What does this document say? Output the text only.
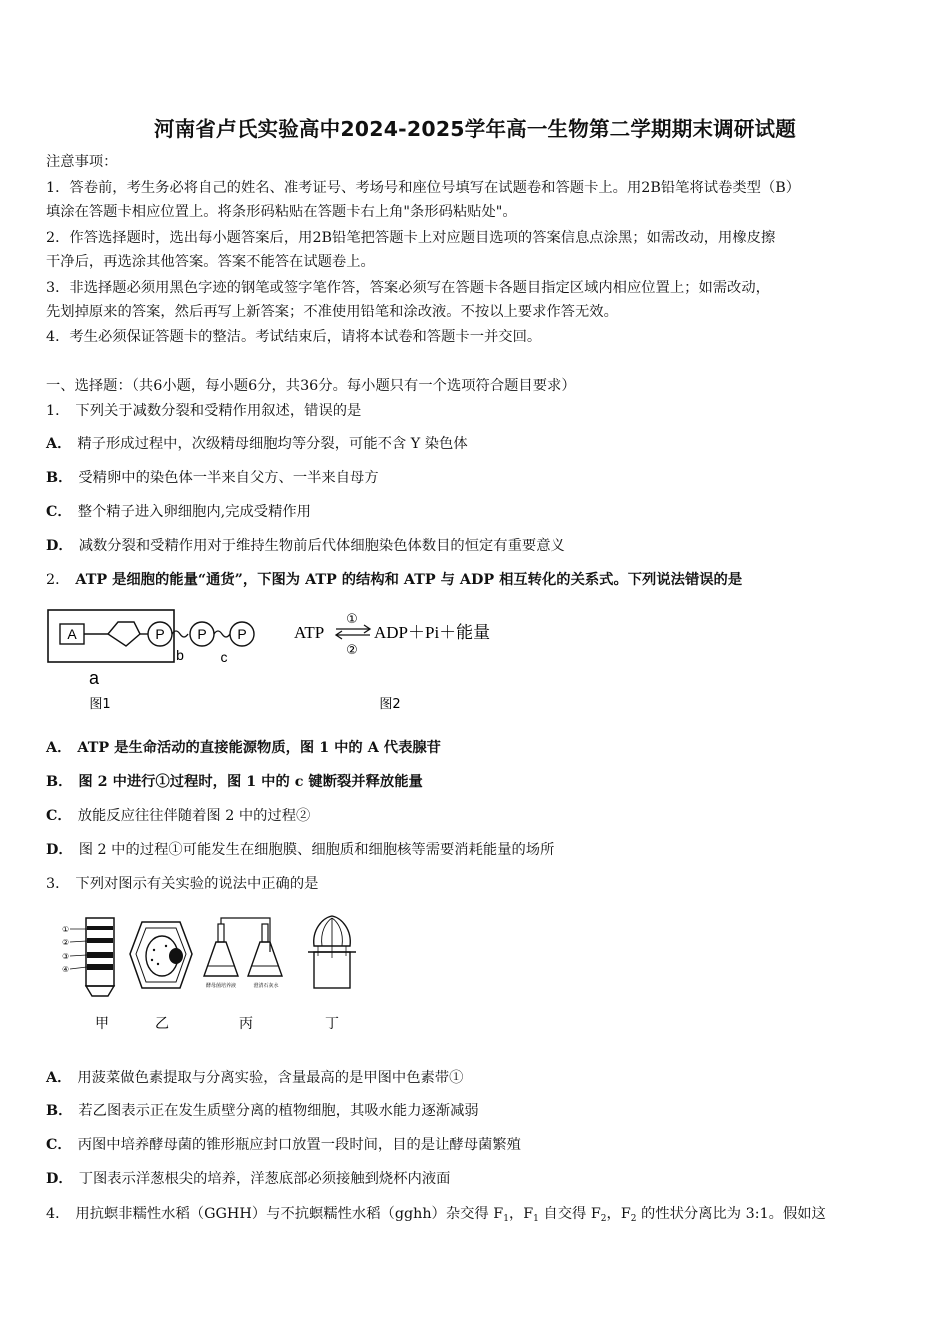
河南省卢氏实验高中2024-2025学年高一生物第二学期期末调研试题
注意事项：
1．答卷前，考生务必将自己的姓名、准考证号、考场号和座位号填写在试题卷和答题卡上。用2B铅笔将试卷类型（B）
填涂在答题卡相应位置上。将条形码粘贴在答题卡右上角"条形码粘贴处"。
2．作答选择题时，选出每小题答案后，用2B铅笔把答题卡上对应题目选项的答案信息点涂黑；如需改动，用橡皮擦
干净后，再选涂其他答案。答案不能答在试题卷上。
3．非选择题必须用黑色字迹的钢笔或签字笔作答，答案必须写在答题卡各题目指定区域内相应位置上；如需改动，
先划掉原来的答案，然后再写上新答案；不准使用铅笔和涂改液。不按以上要求作答无效。
4．考生必须保证答题卡的整洁。考试结束后，请将本试卷和答题卡一并交回。
一、选择题：（共6小题，每小题6分，共36分。每小题只有一个选项符合题目要求）
1． 下列关于减数分裂和受精作用叙述，错误的是
A． 精子形成过程中，次级精母细胞均等分裂，可能不含 Y 染色体
B． 受精卵中的染色体一半来自父方、一半来自母方
C． 整个精子进入卵细胞内,完成受精作用
D． 减数分裂和受精作用对于维持生物前后代体细胞染色体数目的恒定有重要意义
2． ATP 是细胞的能量“通货”，下图为 ATP 的结构和 ATP 与 ADP 相互转化的关系式。下列说法错误的是
A	P P P
b	c
a
图1
ATP
①
②
ADP＋Pi＋能量
图2
A． ATP 是生命活动的直接能源物质，图 1 中的 A 代表腺苷
B． 图 2 中进行①过程时，图 1 中的 c 键断裂并释放能量
C． 放能反应往往伴随着图 2 中的过程②
D． 图 2 中的过程①可能发生在细胞膜、细胞质和细胞核等需要消耗能量的场所
3． 下列对图示有关实验的说法中正确的是
①
②
③
④
甲	乙
酵母菌培养液	澄清石灰水
丙	丁
A． 用菠菜做色素提取与分离实验，含量最高的是甲图中色素带①
B． 若乙图表示正在发生质壁分离的植物细胞，其吸水能力逐渐减弱
C． 丙图中培养酵母菌的锥形瓶应封口放置一段时间，目的是让酵母菌繁殖
D． 丁图表示洋葱根尖的培养，洋葱底部必须接触到烧杯内液面
4． 用抗螟非糯性水稻（GGHH）与不抗螟糯性水稻（gghh）杂交得 $F_1$，$F_1$ 自交得 $F_2$，$F_2$ 的性状分离比为 3:1。假如这
